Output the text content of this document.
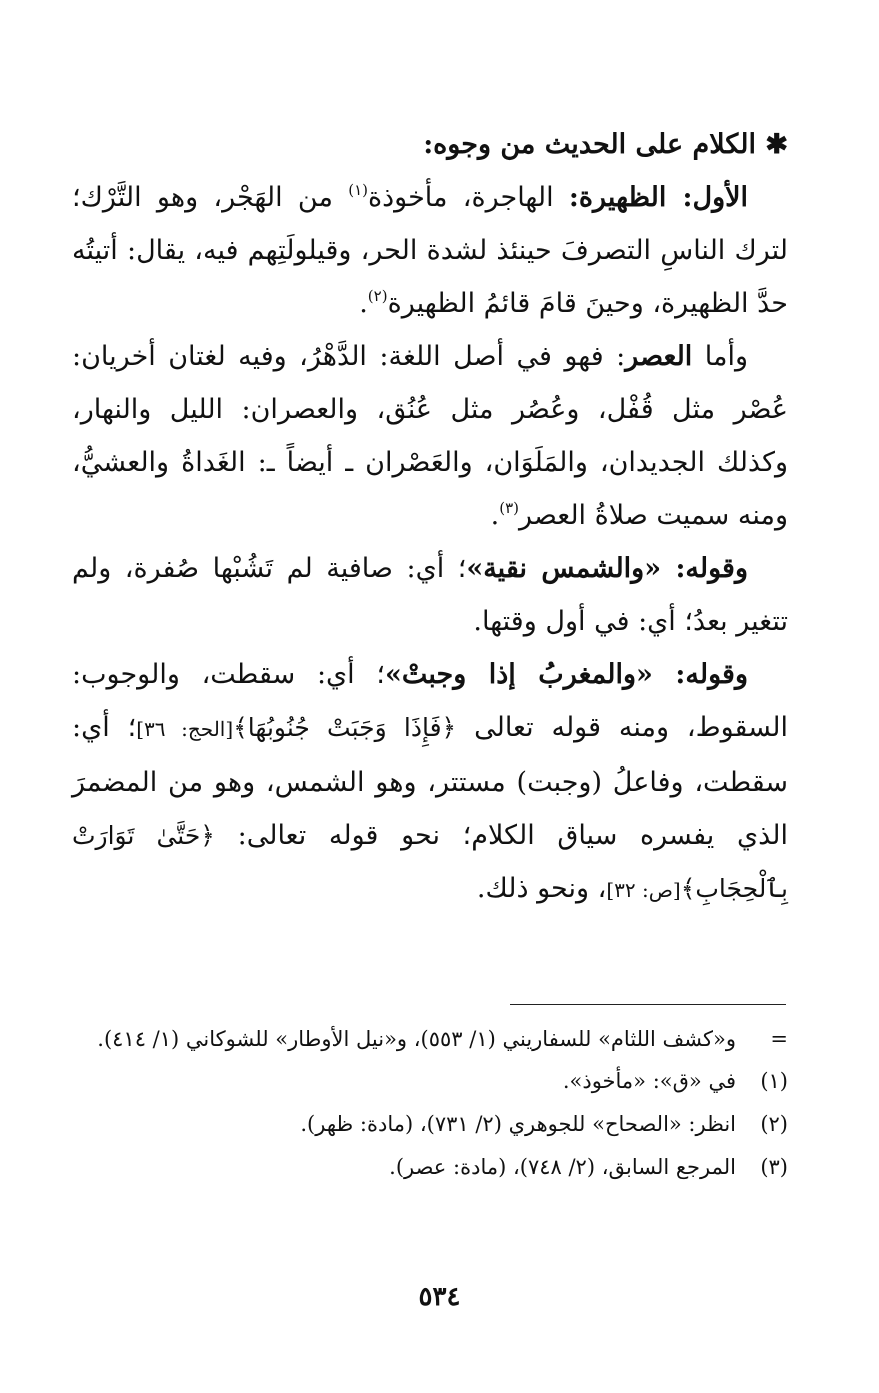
✱ الكلام على الحديث من وجوه:

الأول: الظهيرة: الهاجرة، مأخوذة$^{(١)}$ من الهَجْر، وهو التَّرْك؛ لترك الناسِ التصرفَ حينئذ لشدة الحر، وقيلولَتِهم فيه، يقال: أتيتُه حدَّ الظهيرة، وحينَ قامَ قائمُ الظهيرة$^{(٢)}$.

وأما العصر: فهو في أصل اللغة: الدَّهْرُ، وفيه لغتان أخريان: عُصْر مثل قُفْل، وعُصُر مثل عُنُق، والعصران: الليل والنهار، وكذلك الجديدان، والمَلَوَان، والعَصْران ـ أيضاً ـ: الغَداةُ والعشيُّ، ومنه سميت صلاةُ العصر$^{(٣)}$.

وقوله: «والشمس نقية»؛ أي: صافية لم تَشُبْها صُفرة، ولم تتغير بعدُ؛ أي: في أول وقتها.

وقوله: «والمغربُ إذا وجبتْ»؛ أي: سقطت، والوجوب: السقوط، ومنه قوله تعالى ﴿فَإِذَا وَجَبَتْ جُنُوبُهَا﴾[الحج: ٣٦]؛ أي: سقطت، وفاعلُ (وجبت) مستتر، وهو الشمس، وهو من المضمرَ الذي يفسره سياق الكلام؛ نحو قوله تعالى: ﴿حَتَّىٰ تَوَارَتْ بِٱلْحِجَابِ﴾[ص: ٣٢]، ونحو ذلك.

=
و«كشف اللثام» للسفاريني (١/ ٥٥٣)، و«نيل الأوطار» للشوكاني (١/ ٤١٤).
(١)
في «ق»: «مأخوذ».
(٢)
انظر: «الصحاح» للجوهري (٢/ ٧٣١)، (مادة: ظهر).
(٣)
المرجع السابق، (٢/ ٧٤٨)، (مادة: عصر).
٥٣٤
